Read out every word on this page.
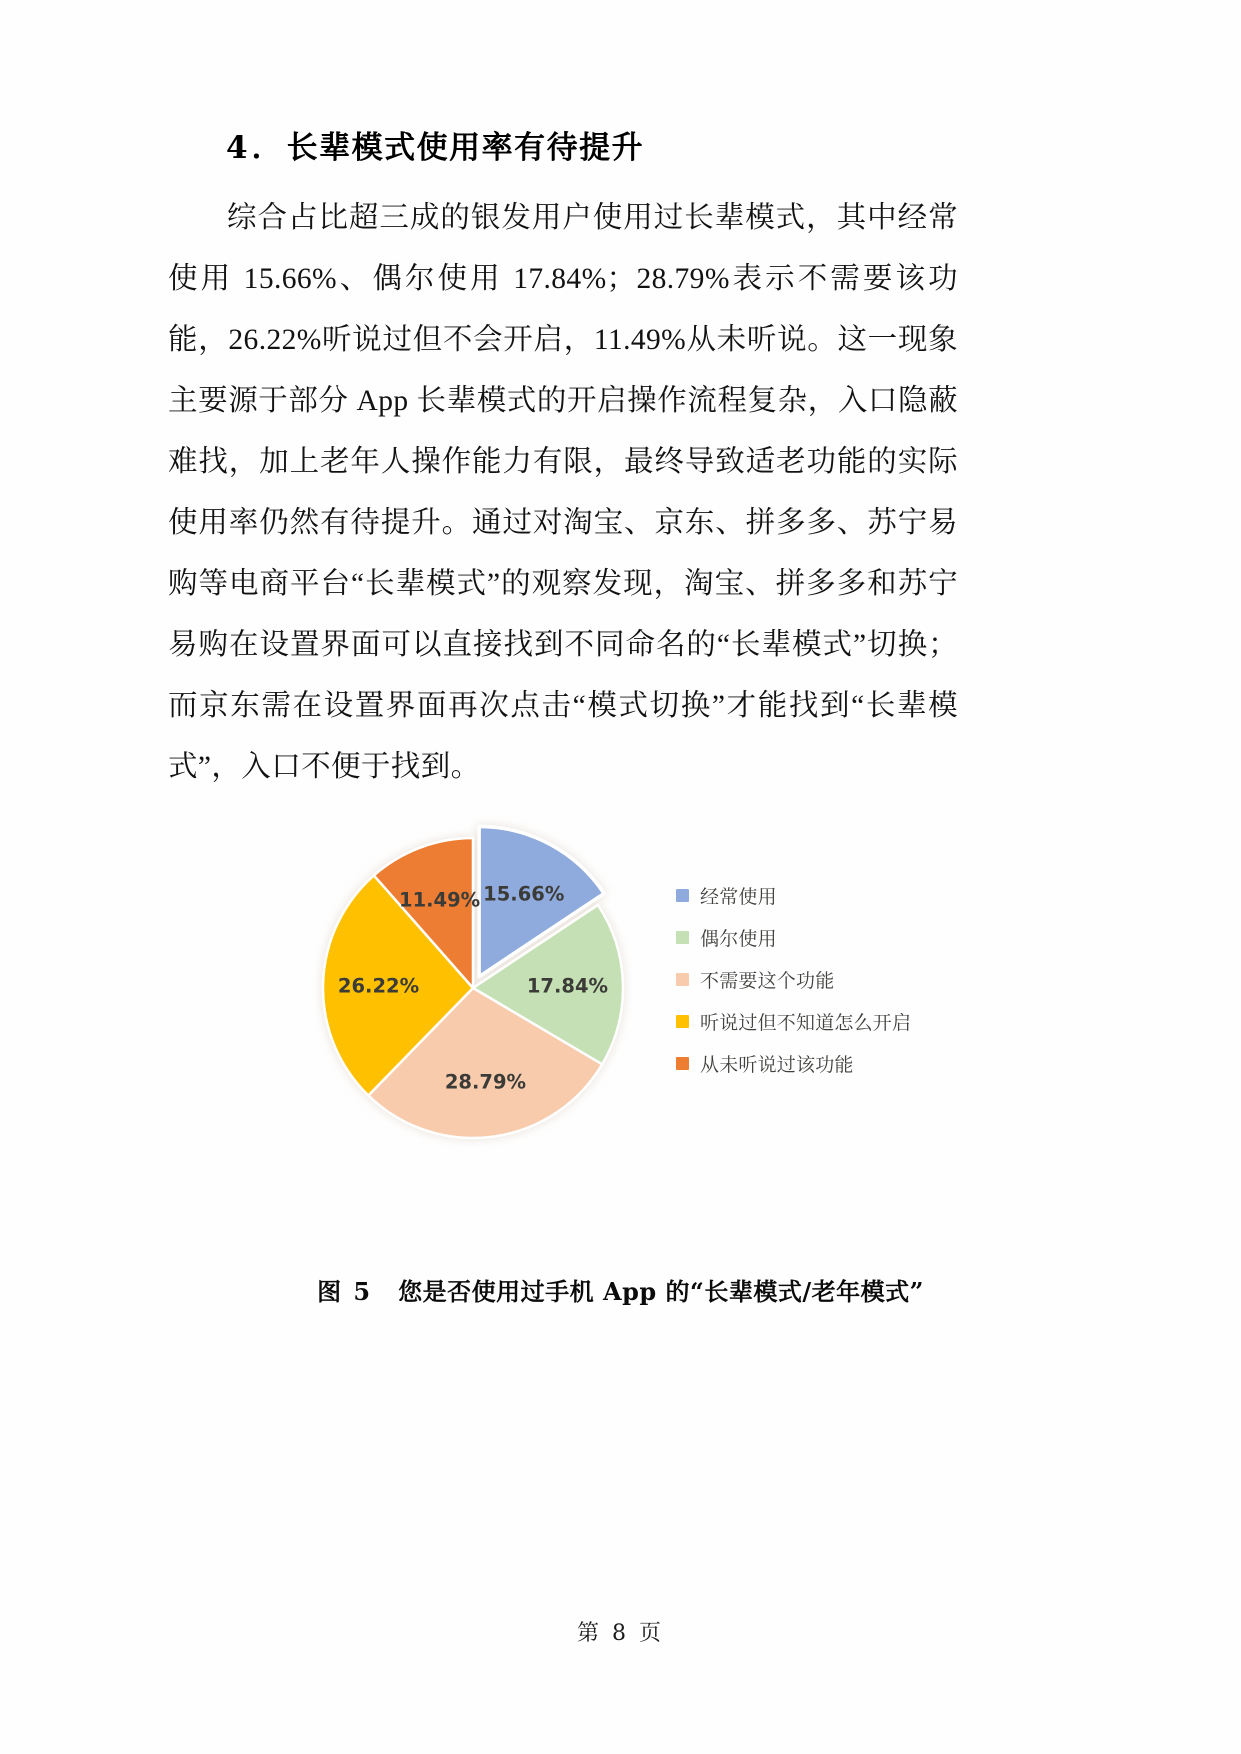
4．长辈模式使用率有待提升

综合占比超三成的银发用户使用过长辈模式，其中经常使用 15.66%、偶尔使用 17.84%；28.79%表示不需要该功能，26.22%听说过但不会开启，11.49%从未听说。这一现象主要源于部分 App 长辈模式的开启操作流程复杂，入口隐蔽难找，加上老年人操作能力有限，最终导致适老功能的实际使用率仍然有待提升。通过对淘宝、京东、拼多多、苏宁易购等电商平台“长辈模式”的观察发现，淘宝、拼多多和苏宁易购在设置界面可以直接找到不同命名的“长辈模式”切换；而京东需在设置界面再次点击“模式切换”才能找到“长辈模式”，入口不便于找到。

15.66%
17.84%
28.79%
26.22%
11.49%	经常使用
偶尔使用
不需要这个功能
听说过但不知道怎么开启
从未听说过该功能
图 5 您是否使用过手机 App 的“长辈模式/老年模式”
第 8 页
